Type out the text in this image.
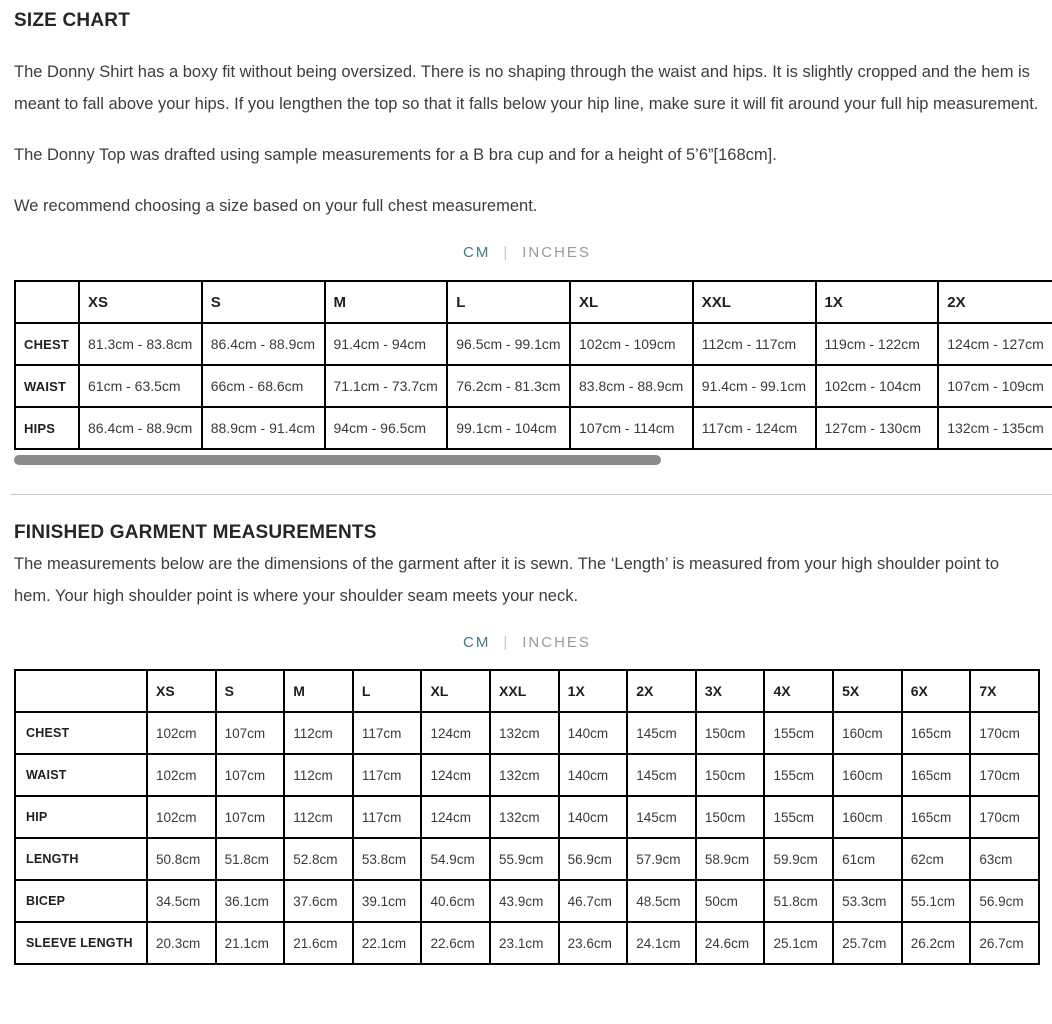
SIZE CHART

The Donny Shirt has a boxy fit without being oversized. There is no shaping through the waist and hips. It is slightly cropped and the hem is meant to fall above your hips. If you lengthen the top so that it falls below your hip line, make sure it will fit around your full hip measurement.

The Donny Top was drafted using sample measurements for a B bra cup and for a height of 5’6”[168cm].

We recommend choosing a size based on your full chest measurement.

CM | INCHES
	XS	S	M	L	XL	XXL	1X	2X
CHEST	81.3cm - 83.8cm	86.4cm - 88.9cm	91.4cm - 94cm	96.5cm - 99.1cm	102cm - 109cm	112cm - 117cm	119cm - 122cm	124cm - 127cm
WAIST	61cm - 63.5cm	66cm - 68.6cm	71.1cm - 73.7cm	76.2cm - 81.3cm	83.8cm - 88.9cm	91.4cm - 99.1cm	102cm - 104cm	107cm - 109cm
HIPS	86.4cm - 88.9cm	88.9cm - 91.4cm	94cm - 96.5cm	99.1cm - 104cm	107cm - 114cm	117cm - 124cm	127cm - 130cm	132cm - 135cm
FINISHED GARMENT MEASUREMENTS

The measurements below are the dimensions of the garment after it is sewn. The ‘Length’ is measured from your high shoulder point to hem. Your high shoulder point is where your shoulder seam meets your neck.

CM | INCHES
	XS	S	M	L	XL	XXL	1X	2X	3X	4X	5X	6X	7X
CHEST	102cm	107cm	112cm	117cm	124cm	132cm	140cm	145cm	150cm	155cm	160cm	165cm	170cm
WAIST	102cm	107cm	112cm	117cm	124cm	132cm	140cm	145cm	150cm	155cm	160cm	165cm	170cm
HIP	102cm	107cm	112cm	117cm	124cm	132cm	140cm	145cm	150cm	155cm	160cm	165cm	170cm
LENGTH	50.8cm	51.8cm	52.8cm	53.8cm	54.9cm	55.9cm	56.9cm	57.9cm	58.9cm	59.9cm	61cm	62cm	63cm
BICEP	34.5cm	36.1cm	37.6cm	39.1cm	40.6cm	43.9cm	46.7cm	48.5cm	50cm	51.8cm	53.3cm	55.1cm	56.9cm
SLEEVE LENGTH	20.3cm	21.1cm	21.6cm	22.1cm	22.6cm	23.1cm	23.6cm	24.1cm	24.6cm	25.1cm	25.7cm	26.2cm	26.7cm
